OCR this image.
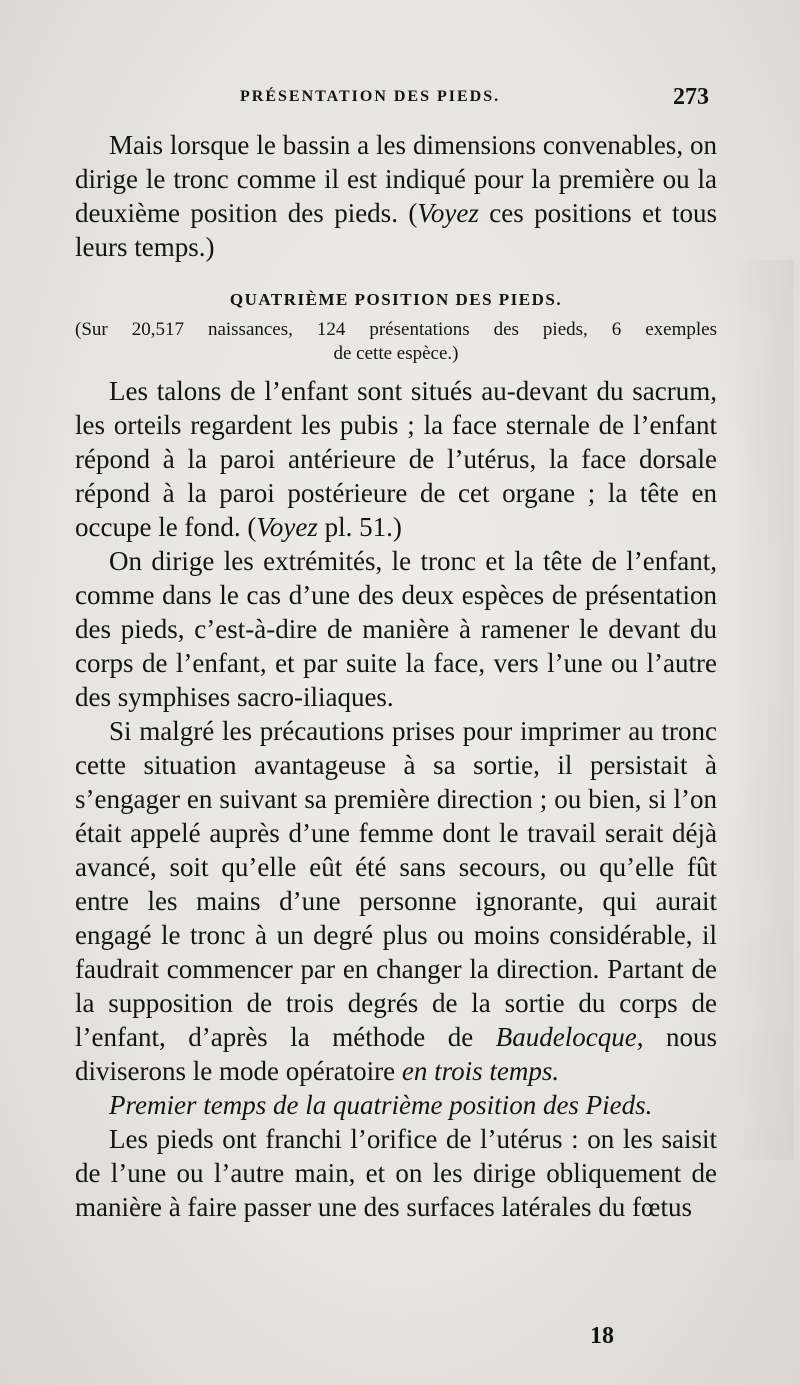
PRÉSENTATION DES PIEDS.	273

Mais lorsque le bassin a les dimensions convenables, on dirige le tronc comme il est indiqué pour la première ou la deuxième position des pieds. (Voyez ces positions et tous leurs temps.)

QUATRIÈME POSITION DES PIEDS.
(Sur 20,517 naissances, 124 présentations des pieds, 6 exemples
de cette espèce.)

Les talons de l’enfant sont situés au-devant du sacrum, les orteils regardent les pubis ; la face sternale de l’enfant répond à la paroi antérieure de l’utérus, la face dorsale répond à la paroi postérieure de cet organe ; la tête en occupe le fond. (Voyez pl. 51.)

On dirige les extrémités, le tronc et la tête de l’enfant, comme dans le cas d’une des deux espèces de présentation des pieds, c’est-à-dire de manière à ramener le devant du corps de l’enfant, et par suite la face, vers l’une ou l’autre des symphises sacro-iliaques.

Si malgré les précautions prises pour imprimer au tronc cette situation avantageuse à sa sortie, il persistait à s’engager en suivant sa première direction ; ou bien, si l’on était appelé auprès d’une femme dont le travail serait déjà avancé, soit qu’elle eût été sans secours, ou qu’elle fût entre les mains d’une personne ignorante, qui aurait engagé le tronc à un degré plus ou moins considérable, il faudrait commencer par en changer la direction. Partant de la supposition de trois degrés de la sortie du corps de l’enfant, d’après la méthode de Baudelocque, nous diviserons le mode opératoire en trois temps.

Premier temps de la quatrième position des Pieds.

Les pieds ont franchi l’orifice de l’utérus : on les saisit de l’une ou l’autre main, et on les dirige obliquement de manière à faire passer une des surfaces latérales du fœtus

18
